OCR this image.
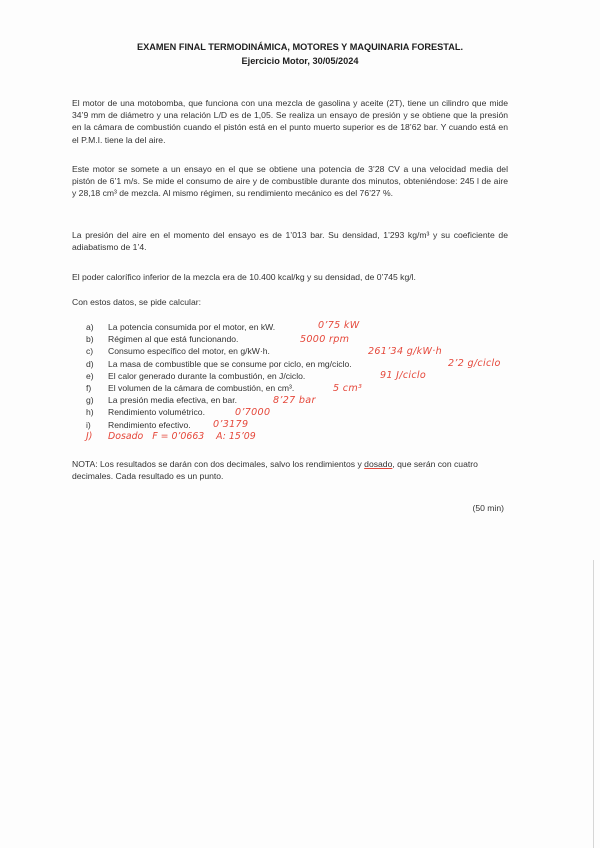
EXAMEN FINAL TERMODINÁMICA, MOTORES Y MAQUINARIA FORESTAL.
Ejercicio Motor, 30/05/2024

El motor de una motobomba, que funciona con una mezcla de gasolina y aceite (2T), tiene un cilindro que mide 34’9 mm de diámetro y una relación L/D es de 1,05. Se realiza un ensayo de presión y se obtiene que la presión en la cámara de combustión cuando el pistón está en el punto muerto superior es de 18’62 bar. Y cuando está en el P.M.I. tiene la del aire.

Este motor se somete a un ensayo en el que se obtiene una potencia de 3’28 CV a una velocidad media del pistón de 6’1 m/s. Se mide el consumo de aire y de combustible durante dos minutos, obteniéndose: 245 l de aire y 28,18 cm³ de mezcla. Al mismo régimen, su rendimiento mecánico es del 76’27 %.

La presión del aire en el momento del ensayo es de 1’013 bar. Su densidad, 1’293 kg/m³ y su coeficiente de adiabatismo de 1’4.

El poder calorífico inferior de la mezcla era de 10.400 kcal/kg y su densidad, de 0’745 kg/l.

Con estos datos, se pide calcular:

a) La potencia consumida por el motor, en kW.
b) Régimen al que está funcionando.
c) Consumo específico del motor, en g/kW·h.
d) La masa de combustible que se consume por ciclo, en mg/ciclo.
e) El calor generado durante la combustión, en J/ciclo.
f) El volumen de la cámara de combustión, en cm³.
g) La presión media efectiva, en bar.
h) Rendimiento volumétrico.
i) Rendimiento efectivo.
J) Dosado F = 0’0663 A: 15’09
0’75 kW
5000 rpm
261’34 g/kW·h
2’2 g/ciclo
91 J/ciclo
5 cm³
8’27 bar
0’7000
0’3179

NOTA: Los resultados se darán con dos decimales, salvo los rendimientos y dosado, que serán con cuatro decimales. Cada resultado es un punto.

(50 min)
